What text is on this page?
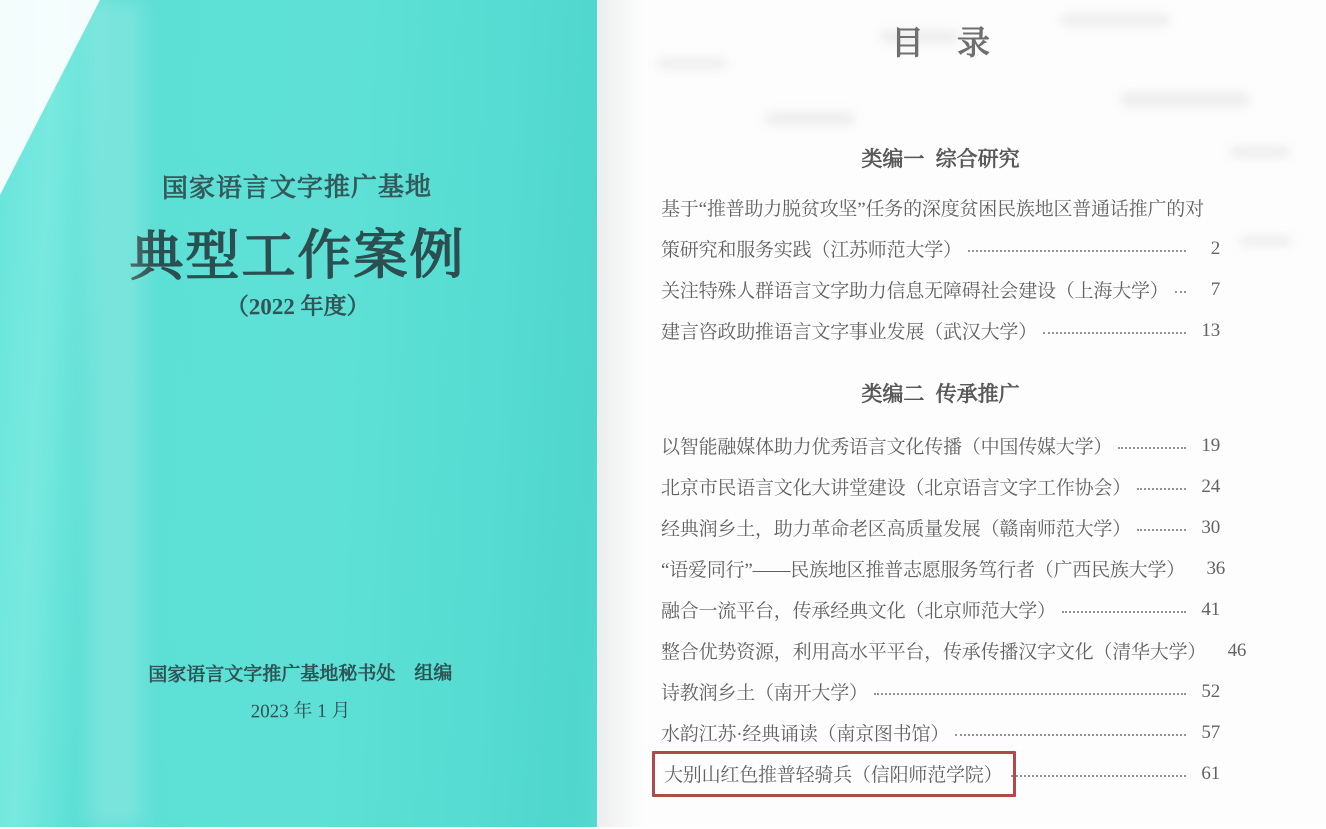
国家语言文字推广基地
典型工作案例
（2022 年度）
国家语言文字推广基地秘书处　组编
2023 年 1 月
目　录
类编一 综合研究
基于“推普助力脱贫攻坚”任务的深度贫困民族地区普通话推广的对
策研究和服务实践（江苏师范大学）	2
关注特殊人群语言文字助力信息无障碍社会建设（上海大学）	7
建言咨政助推语言文字事业发展（武汉大学）	13
类编二 传承推广
以智能融媒体助力优秀语言文化传播（中国传媒大学）	19
北京市民语言文化大讲堂建设（北京语言文字工作协会）	24
经典润乡土，助力革命老区高质量发展（赣南师范大学）	30
“语爱同行”——民族地区推普志愿服务笃行者（广西民族大学）	36
融合一流平台，传承经典文化（北京师范大学）	41
整合优势资源，利用高水平平台，传承传播汉字文化（清华大学）	46
诗教润乡土（南开大学）	52
水韵江苏·经典诵读（南京图书馆）	57
大别山红色推普轻骑兵（信阳师范学院）	61
